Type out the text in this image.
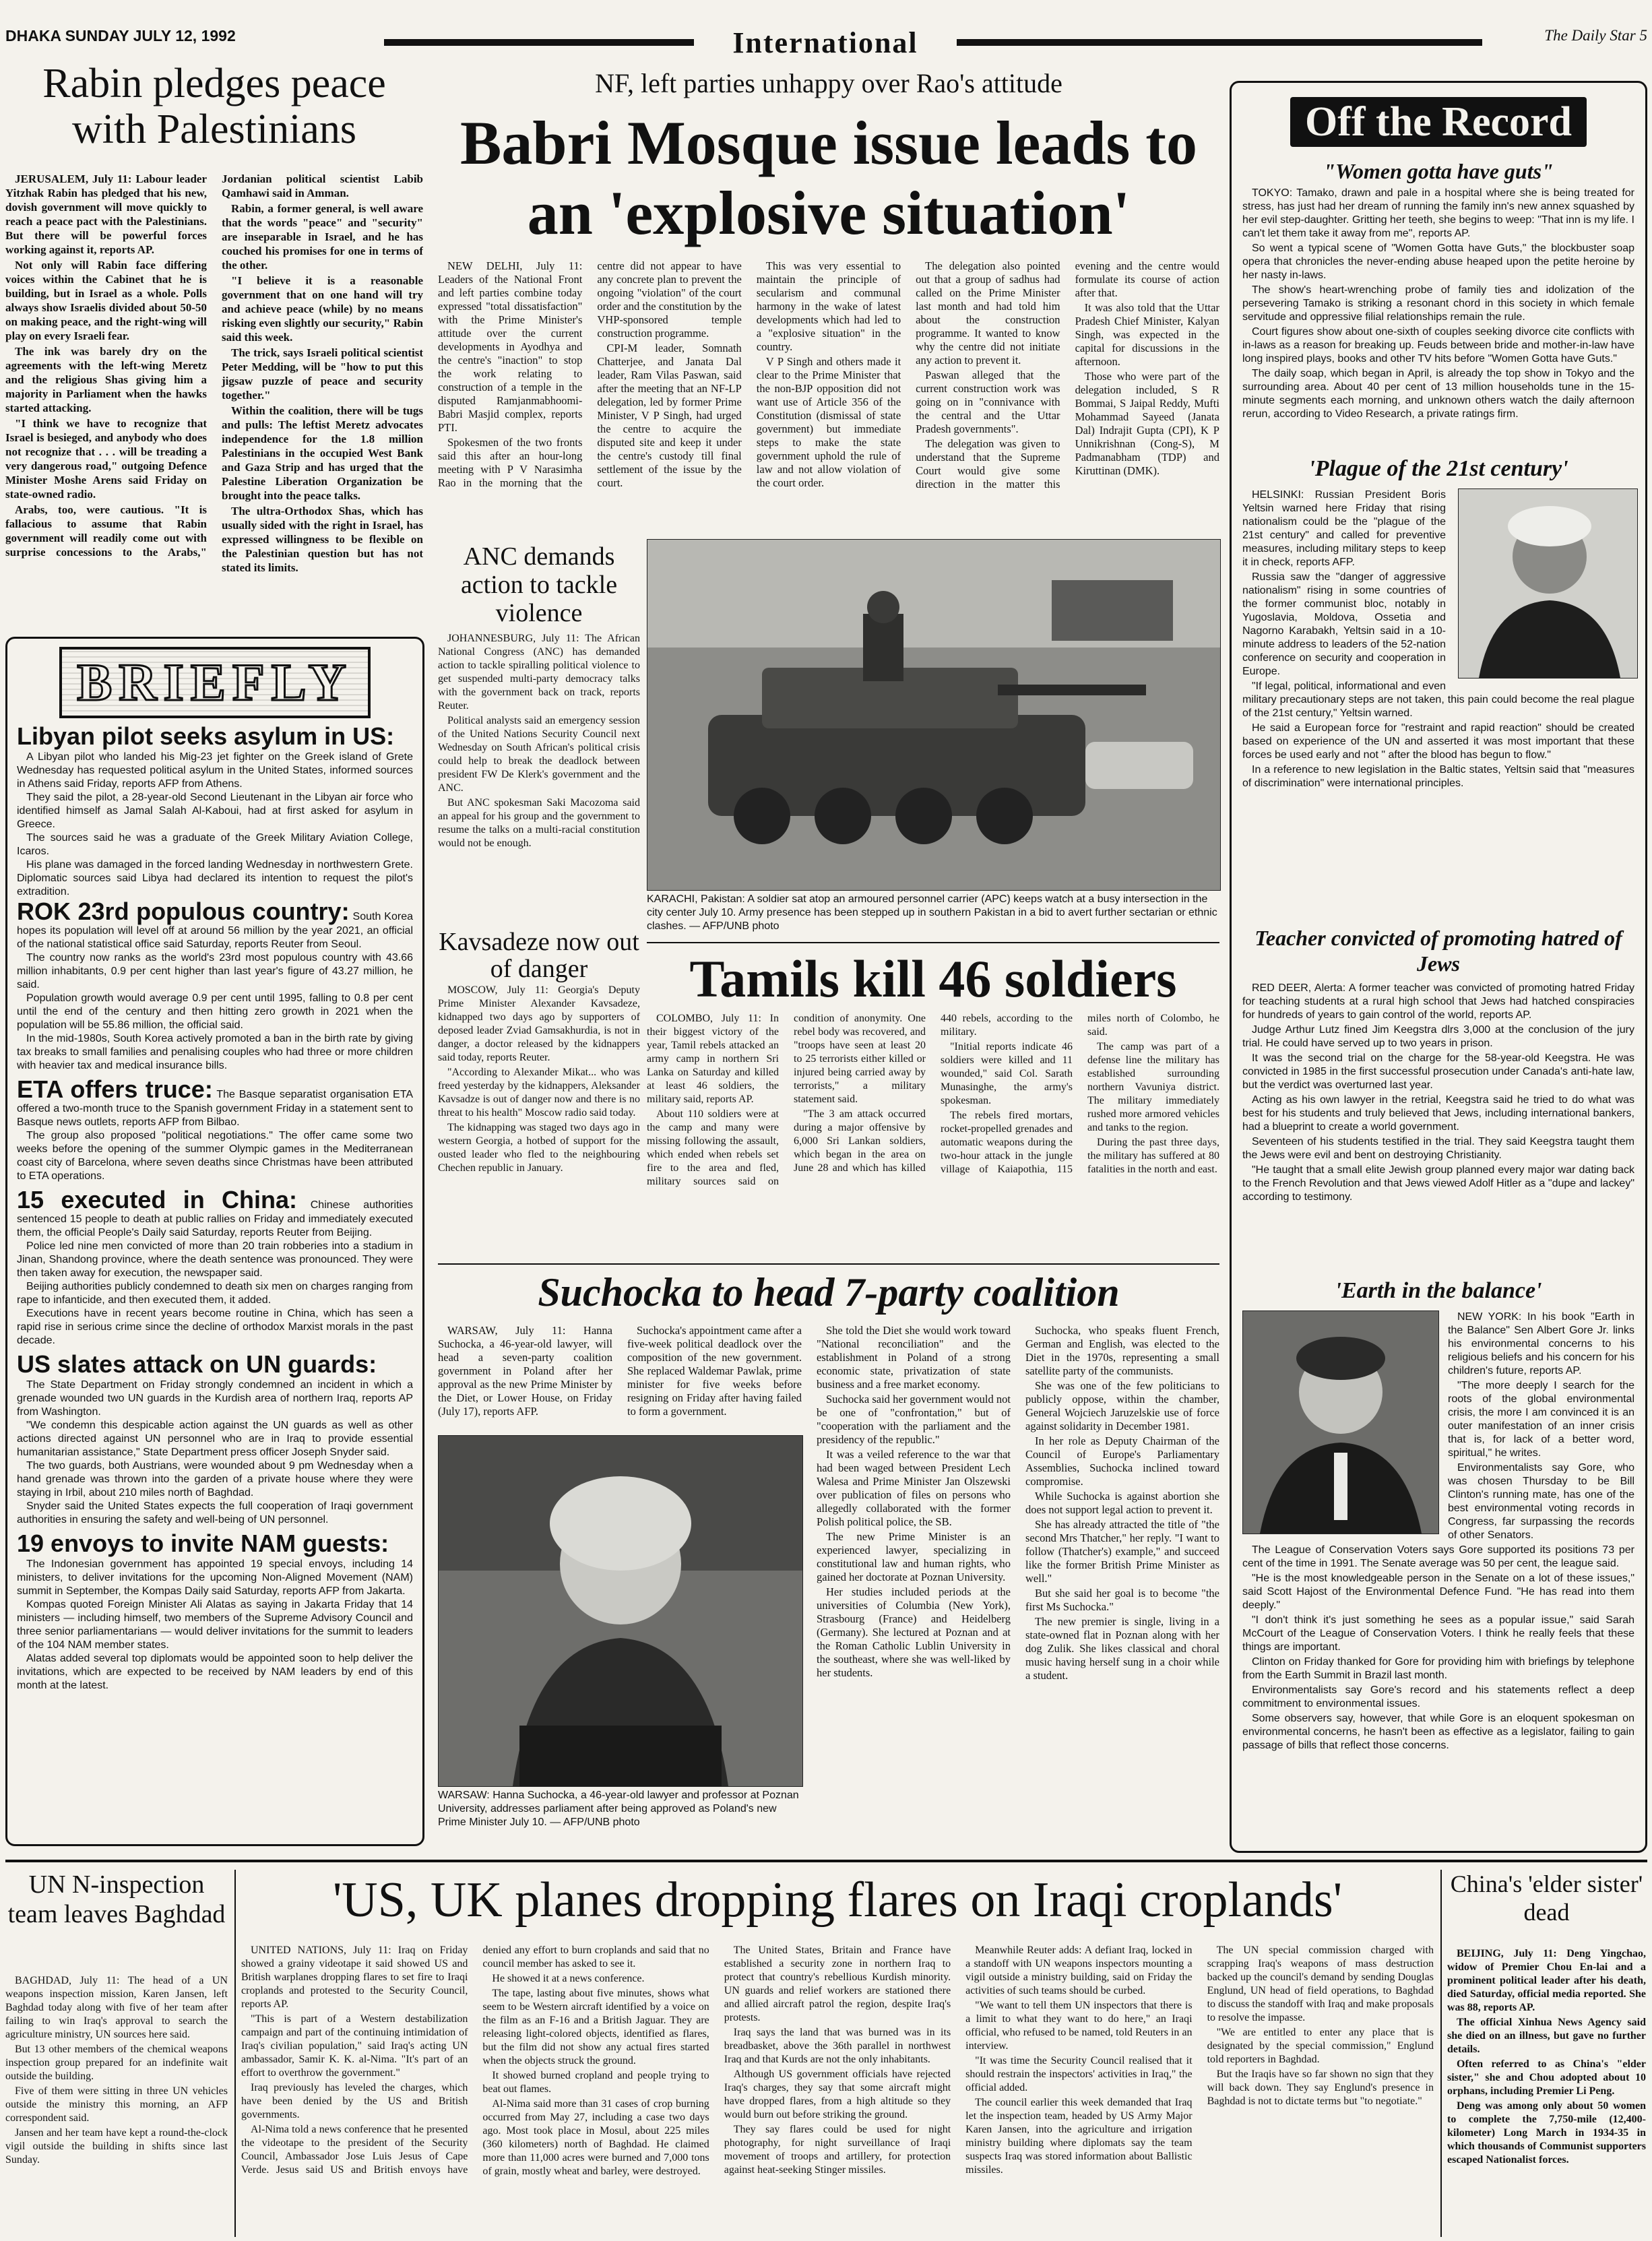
DHAKA SUNDAY JULY 12, 1992	International	The Daily Star 5
Rabin pledges peace with Palestinians

JERUSALEM, July 11: Labour leader Yitzhak Rabin has pledged that his new, dovish government will move quickly to reach a peace pact with the Palestinians. But there will be powerful forces working against it, reports AP.

Not only will Rabin face differing voices within the Cabinet that he is building, but in Israel as a whole. Polls always show Israelis divided about 50-50 on making peace, and the right-wing will play on every Israeli fear.

The ink was barely dry on the agreements with the left-wing Meretz and the religious Shas giving him a majority in Parliament when the hawks started attacking.

"I think we have to recognize that Israel is besieged, and anybody who does not recognize that . . . will be treading a very dangerous road," outgoing Defence Minister Moshe Arens said Friday on state-owned radio.

Arabs, too, were cautious. "It is fallacious to assume that Rabin government will readily come out with surprise concessions to the Arabs," Jordanian political scientist Labib Qamhawi said in Amman.

Rabin, a former general, is well aware that the words "peace" and "security" are inseparable in Israel, and he has couched his promises for one in terms of the other.

"I believe it is a reasonable government that on one hand will try and achieve peace (while) by no means risking even slightly our security," Rabin said this week.

The trick, says Israeli political scientist Peter Medding, will be "how to put this jigsaw puzzle of peace and security together."

Within the coalition, there will be tugs and pulls: The leftist Meretz advocates independence for the 1.8 million Palestinians in the occupied West Bank and Gaza Strip and has urged that the Palestine Liberation Organization be brought into the peace talks.

The ultra-Orthodox Shas, which has usually sided with the right in Israel, has expressed willingness to be flexible on the Palestinian question but has not stated its limits.

BRIEFLY
Libyan pilot seeks asylum in US:

A Libyan pilot who landed his Mig-23 jet fighter on the Greek island of Grete Wednesday has requested political asylum in the United States, informed sources in Athens said Friday, reports AFP from Athens.

They said the pilot, a 28-year-old Second Lieutenant in the Libyan air force who identified himself as Jamal Salah Al-Kaboui, had at first asked for asylum in Greece.

The sources said he was a graduate of the Greek Military Aviation College, Icaros.

His plane was damaged in the forced landing Wednesday in northwestern Grete. Diplomatic sources said Libya had declared its intention to request the pilot's extradition.

ROK 23rd populous country: South Korea hopes its population will level off at around 56 million by the year 2021, an official of the national statistical office said Saturday, reports Reuter from Seoul.

The country now ranks as the world's 23rd most populous country with 43.66 million inhabitants, 0.9 per cent higher than last year's figure of 43.27 million, he said.

Population growth would average 0.9 per cent until 1995, falling to 0.8 per cent until the end of the century and then hitting zero growth in 2021 when the population will be 55.86 million, the official said.

In the mid-1980s, South Korea actively promoted a ban in the birth rate by giving tax breaks to small families and penalising couples who had three or more children with heavier tax and medical insurance bills.

ETA offers truce: The Basque separatist organisation ETA offered a two-month truce to the Spanish government Friday in a statement sent to Basque news outlets, reports AFP from Bilbao.

The group also proposed "political negotiations." The offer came some two weeks before the opening of the summer Olympic games in the Mediterranean coast city of Barcelona, where seven deaths since Christmas have been attributed to ETA operations.

15 executed in China: Chinese authorities sentenced 15 people to death at public rallies on Friday and immediately executed them, the official People's Daily said Saturday, reports Reuter from Beijing.

Police led nine men convicted of more than 20 train robberies into a stadium in Jinan, Shandong province, where the death sentence was pronounced. They were then taken away for execution, the newspaper said.

Beijing authorities publicly condemned to death six men on charges ranging from rape to infanticide, and then executed them, it added.

Executions have in recent years become routine in China, which has seen a rapid rise in serious crime since the decline of orthodox Marxist morals in the past decade.

US slates attack on UN guards:

The State Department on Friday strongly condemned an incident in which a grenade wounded two UN guards in the Kurdish area of northern Iraq, reports AP from Washington.

"We condemn this despicable action against the UN guards as well as other actions directed against UN personnel who are in Iraq to provide essential humanitarian assistance," State Department press officer Joseph Snyder said.

The two guards, both Austrians, were wounded about 9 pm Wednesday when a hand grenade was thrown into the garden of a private house where they were staying in Irbil, about 210 miles north of Baghdad.

Snyder said the United States expects the full cooperation of Iraqi government authorities in ensuring the safety and well-being of UN personnel.

19 envoys to invite NAM guests:

The Indonesian government has appointed 19 special envoys, including 14 ministers, to deliver invitations for the upcoming Non-Aligned Movement (NAM) summit in September, the Kompas Daily said Saturday, reports AFP from Jakarta.

Kompas quoted Foreign Minister Ali Alatas as saying in Jakarta Friday that 14 ministers — including himself, two members of the Supreme Advisory Council and three senior parliamentarians — would deliver invitations for the summit to leaders of the 104 NAM member states.

Alatas added several top diplomats would be appointed soon to help deliver the invitations, which are expected to be received by NAM leaders by end of this month at the latest.

NF, left parties unhappy over Rao's attitude
Babri Mosque issue leads to an 'explosive situation'

NEW DELHI, July 11: Leaders of the National Front and left parties combine today expressed "total dissatisfaction" with the Prime Minister's attitude over the current developments in Ayodhya and the centre's "inaction" to stop the work relating to construction of a temple in the disputed Ramjanmabhoomi-Babri Masjid complex, reports PTI.

Spokesmen of the two fronts said this after an hour-long meeting with P V Narasimha Rao in the morning that the centre did not appear to have any concrete plan to prevent the ongoing "violation" of the court order and the constitution by the VHP-sponsored temple construction programme.

CPI-M leader, Somnath Chatterjee, and Janata Dal leader, Ram Vilas Paswan, said after the meeting that an NF-LP delegation, led by former Prime Minister, V P Singh, had urged the centre to acquire the disputed site and keep it under the centre's custody till final settlement of the issue by the court.

This was very essential to maintain the principle of secularism and communal harmony in the wake of latest developments which had led to a "explosive situation" in the country.

V P Singh and others made it clear to the Prime Minister that the non-BJP opposition did not want use of Article 356 of the Constitution (dismissal of state government) but immediate steps to make the state government uphold the rule of law and not allow violation of the court order.

The delegation also pointed out that a group of sadhus had called on the Prime Minister last month and had told him about the construction programme. It wanted to know why the centre did not initiate any action to prevent it.

Paswan alleged that the current construction work was going on in "connivance with the central and the Uttar Pradesh governments".

The delegation was given to understand that the Supreme Court would give some direction in the matter this evening and the centre would formulate its course of action after that.

It was also told that the Uttar Pradesh Chief Minister, Kalyan Singh, was expected in the capital for discussions in the afternoon.

Those who were part of the delegation included, S R Bommai, S Jaipal Reddy, Mufti Mohammad Sayeed (Janata Dal) Indrajit Gupta (CPI), K P Unnikrishnan (Cong-S), M Padmanabham (TDP) and Kiruttinan (DMK).

ANC demands action to tackle violence

JOHANNESBURG, July 11: The African National Congress (ANC) has demanded action to tackle spiralling political violence to get suspended multi-party democracy talks with the government back on track, reports Reuter.

Political analysts said an emergency session of the United Nations Security Council next Wednesday on South African's political crisis could help to break the deadlock between president FW De Klerk's government and the ANC.

But ANC spokesman Saki Macozoma said an appeal for his group and the government to resume the talks on a multi-racial constitution would not be enough.

Kavsadeze now out of danger

MOSCOW, July 11: Georgia's Deputy Prime Minister Alexander Kavsadeze, kidnapped two days ago by supporters of deposed leader Zviad Gamsakhurdia, is not in danger, a doctor released by the kidnappers said today, reports Reuter.

"According to Alexander Mikat... who was freed yesterday by the kidnappers, Aleksander Kavsadze is out of danger now and there is no threat to his health" Moscow radio said today.

The kidnapping was staged two days ago in western Georgia, a hotbed of support for the ousted leader who fled to the neighbouring Chechen republic in January.

KARACHI, Pakistan: A soldier sat atop an armoured personnel carrier (APC) keeps watch at a busy intersection in the city center July 10. Army presence has been stepped up in southern Pakistan in a bid to avert further sectarian or ethnic clashes. — AFP/UNB photo
Tamils kill 46 soldiers

COLOMBO, July 11: In their biggest victory of the year, Tamil rebels attacked an army camp in northern Sri Lanka on Saturday and killed at least 46 soldiers, the military said, reports AP.

About 110 soldiers were at the camp and many were missing following the assault, which ended when rebels set fire to the area and fled, military sources said on condition of anonymity. One rebel body was recovered, and "troops have seen at least 20 to 25 terrorists either killed or injured being carried away by terrorists," a military statement said.

"The 3 am attack occurred during a major offensive by 6,000 Sri Lankan soldiers, which began in the area on June 28 and which has killed 440 rebels, according to the military.

"Initial reports indicate 46 soldiers were killed and 11 wounded," said Col. Sarath Munasinghe, the army's spokesman.

The rebels fired mortars, rocket-propelled grenades and automatic weapons during the two-hour attack in the jungle village of Kaiapothia, 115 miles north of Colombo, he said.

The camp was part of a defense line the military has established surrounding northern Vavuniya district. The military immediately rushed more armored vehicles and tanks to the region.

During the past three days, the military has suffered at 80 fatalities in the north and east.

Suchocka to head 7-party coalition
WARSAW: Hanna Suchocka, a 46-year-old lawyer and professor at Poznan University, addresses parliament after being approved as Poland's new Prime Minister July 10. — AFP/UNB photo

WARSAW, July 11: Hanna Suchocka, a 46-year-old lawyer, will head a seven-party coalition government in Poland after her approval as the new Prime Minister by the Diet, or Lower House, on Friday (July 17), reports AFP.

Suchocka's appointment came after a five-week political deadlock over the composition of the new government. She replaced Waldemar Pawlak, prime minister for five weeks before resigning on Friday after having failed to form a government.

She told the Diet she would work toward "National reconciliation" and the establishment in Poland of a strong economic state, privatization of state business and a free market economy.

Suchocka said her government would not be one of "confrontation," but of "cooperation with the parliament and the presidency of the republic."

It was a veiled reference to the war that had been waged between President Lech Walesa and Prime Minister Jan Olszewski over publication of files on persons who allegedly collaborated with the former Polish political police, the SB.

The new Prime Minister is an experienced lawyer, specializing in constitutional law and human rights, who gained her doctorate at Poznan University.

Her studies included periods at the universities of Columbia (New York), Strasbourg (France) and Heidelberg (Germany). She lectured at Poznan and at the Roman Catholic Lublin University in the southeast, where she was well-liked by her students.

Suchocka, who speaks fluent French, German and English, was elected to the Diet in the 1970s, representing a small satellite party of the communists.

She was one of the few politicians to publicly oppose, within the chamber, General Wojciech Jaruzelskie use of force against solidarity in December 1981.

In her role as Deputy Chairman of the Council of Europe's Parliamentary Assemblies, Suchocka inclined toward compromise.

While Suchocka is against abortion she does not support legal action to prevent it.

She has already attracted the title of "the second Mrs Thatcher," her reply. "I want to follow (Thatcher's) example," and succeed like the former British Prime Minister as well."

But she said her goal is to become "the first Ms Suchocka."

The new premier is single, living in a state-owned flat in Poznan along with her dog Zulik. She likes classical and choral music having herself sung in a choir while a student.

Off the Record
"Women gotta have guts"

TOKYO: Tamako, drawn and pale in a hospital where she is being treated for stress, has just had her dream of running the family inn's new annex squashed by her evil step-daughter. Gritting her teeth, she begins to weep: "That inn is my life. I can't let them take it away from me", reports AP.

So went a typical scene of "Women Gotta have Guts," the blockbuster soap opera that chronicles the never-ending abuse heaped upon the petite heroine by her nasty in-laws.

The show's heart-wrenching probe of family ties and idolization of the persevering Tamako is striking a resonant chord in this society in which female servitude and oppressive filial relationships remain the rule.

Court figures show about one-sixth of couples seeking divorce cite conflicts with in-laws as a reason for breaking up. Feuds between bride and mother-in-law have long inspired plays, books and other TV hits before "Women Gotta have Guts."

The daily soap, which began in April, is already the top show in Tokyo and the surrounding area. About 40 per cent of 13 million households tune in the 15-minute segments each morning, and unknown others watch the daily afternoon rerun, according to Video Research, a private ratings firm.

'Plague of the 21st century'

HELSINKI: Russian President Boris Yeltsin warned here Friday that rising nationalism could be the "plague of the 21st century" and called for preventive measures, including military steps to keep it in check, reports AFP.

Russia saw the "danger of aggressive nationalism" rising in some countries of the former communist bloc, notably in Yugoslavia, Moldova, Ossetia and Nagorno Karabakh, Yeltsin said in a 10-minute address to leaders of the 52-nation conference on security and cooperation in Europe.

"If legal, political, informational and even military precautionary steps are not taken, this pain could become the real plague of the 21st century," Yeltsin warned.

He said a European force for "restraint and rapid reaction" should be created based on experience of the UN and asserted it was most important that these forces be used early and not " after the blood has begun to flow."

In a reference to new legislation in the Baltic states, Yeltsin said that "measures of discrimination" were international principles.

Teacher convicted of promoting hatred of Jews

RED DEER, Alerta: A former teacher was convicted of promoting hatred Friday for teaching students at a rural high school that Jews had hatched conspiracies for hundreds of years to gain control of the world, reports AP.

Judge Arthur Lutz fined Jim Keegstra dlrs 3,000 at the conclusion of the jury trial. He could have served up to two years in prison.

It was the second trial on the charge for the 58-year-old Keegstra. He was convicted in 1985 in the first successful prosecution under Canada's anti-hate law, but the verdict was overturned last year.

Acting as his own lawyer in the retrial, Keegstra said he tried to do what was best for his students and truly believed that Jews, including international bankers, had a blueprint to create a world government.

Seventeen of his students testified in the trial. They said Keegstra taught them the Jews were evil and bent on destroying Christianity.

"He taught that a small elite Jewish group planned every major war dating back to the French Revolution and that Jews viewed Adolf Hitler as a "dupe and lackey" according to testimony.

'Earth in the balance'

NEW YORK: In his book "Earth in the Balance" Sen Albert Gore Jr. links his environmental concerns to his religious beliefs and his concern for his children's future, reports AP.

"The more deeply I search for the roots of the global environmental crisis, the more I am convinced it is an outer manifestation of an inner crisis that is, for lack of a better word, spiritual," he writes.

Environmentalists say Gore, who was chosen Thursday to be Bill Clinton's running mate, has one of the best environmental voting records in Congress, far surpassing the records of other Senators.

The League of Conservation Voters says Gore supported its positions 73 per cent of the time in 1991. The Senate average was 50 per cent, the league said.

"He is the most knowledgeable person in the Senate on a lot of these issues," said Scott Hajost of the Environmental Defence Fund. "He has read into them deeply."

"I don't think it's just something he sees as a popular issue," said Sarah McCourt of the League of Conservation Voters. I think he really feels that these things are important.

Clinton on Friday thanked for Gore for providing him with briefings by telephone from the Earth Summit in Brazil last month.

Environmentalists say Gore's record and his statements reflect a deep commitment to environmental issues.

Some observers say, however, that while Gore is an eloquent spokesman on environmental concerns, he hasn't been as effective as a legislator, failing to gain passage of bills that reflect those concerns.

UN N-inspection team leaves Baghdad

BAGHDAD, July 11: The head of a UN weapons inspection mission, Karen Jansen, left Baghdad today along with five of her team after failing to win Iraq's approval to search the agriculture ministry, UN sources here said.

But 13 other members of the chemical weapons inspection group prepared for an indefinite wait outside the building.

Five of them were sitting in three UN vehicles outside the ministry this morning, an AFP correspondent said.

Jansen and her team have kept a round-the-clock vigil outside the building in shifts since last Sunday.

'US, UK planes dropping flares on Iraqi croplands'

UNITED NATIONS, July 11: Iraq on Friday showed a grainy videotape it said showed US and British warplanes dropping flares to set fire to Iraqi croplands and protested to the Security Council, reports AP.

"This is part of a Western destabilization campaign and part of the continuing intimidation of Iraq's civilian population," said Iraq's acting UN ambassador, Samir K. K. al-Nima. "It's part of an effort to overthrow the government."

Iraq previously has leveled the charges, which have been denied by the US and British governments.

Al-Nima told a news conference that he presented the videotape to the president of the Security Council, Ambassador Jose Luis Jesus of Cape Verde. Jesus said US and British envoys have denied any effort to burn croplands and said that no council member has asked to see it.

He showed it at a news conference.

The tape, lasting about five minutes, shows what seem to be Western aircraft identified by a voice on the film as an F-16 and a British Jaguar. They are releasing light-colored objects, identified as flares, but the film did not show any actual fires started when the objects struck the ground.

It showed burned cropland and people trying to beat out flames.

Al-Nima said more than 31 cases of crop burning occurred from May 27, including a case two days ago. Most took place in Mosul, about 225 miles (360 kilometers) north of Baghdad. He claimed more than 11,000 acres were burned and 7,000 tons of grain, mostly wheat and barley, were destroyed.

The United States, Britain and France have established a security zone in northern Iraq to protect that country's rebellious Kurdish minority. UN guards and relief workers are stationed there and allied aircraft patrol the region, despite Iraq's protests.

Iraq says the land that was burned was in its breadbasket, above the 36th parallel in northwest Iraq and that Kurds are not the only inhabitants.

Although US government officials have rejected Iraq's charges, they say that some aircraft might have dropped flares, from a high altitude so they would burn out before striking the ground.

They say flares could be used for night photography, for night surveillance of Iraqi movement of troops and artillery, for protection against heat-seeking Stinger missiles.

Meanwhile Reuter adds: A defiant Iraq, locked in a standoff with UN weapons inspectors mounting a vigil outside a ministry building, said on Friday the activities of such teams should be curbed.

"We want to tell them UN inspectors that there is a limit to what they want to do here," an Iraqi official, who refused to be named, told Reuters in an interview.

"It was time the Security Council realised that it should restrain the inspectors' activities in Iraq," the official added.

The council earlier this week demanded that Iraq let the inspection team, headed by US Army Major Karen Jansen, into the agriculture and irrigation ministry building where diplomats say the team suspects Iraq was stored information about Ballistic missiles.

The UN special commission charged with scrapping Iraq's weapons of mass destruction backed up the council's demand by sending Douglas Englund, UN head of field operations, to Baghdad to discuss the standoff with Iraq and make proposals to resolve the impasse.

"We are entitled to enter any place that is designated by the special commission," Englund told reporters in Baghdad.

But the Iraqis have so far shown no sign that they will back down. They say Englund's presence in Baghdad is not to dictate terms but "to negotiate."

China's 'elder sister' dead

BEIJING, July 11: Deng Yingchao, widow of Premier Chou En-lai and a prominent political leader after his death, died Saturday, official media reported. She was 88, reports AP.

The official Xinhua News Agency said she died on an illness, but gave no further details.

Often referred to as China's "elder sister," she and Chou adopted about 10 orphans, including Premier Li Peng.

Deng was among only about 50 women to complete the 7,750-mile (12,400-kilometer) Long March in 1934-35 in which thousands of Communist supporters escaped Nationalist forces.
